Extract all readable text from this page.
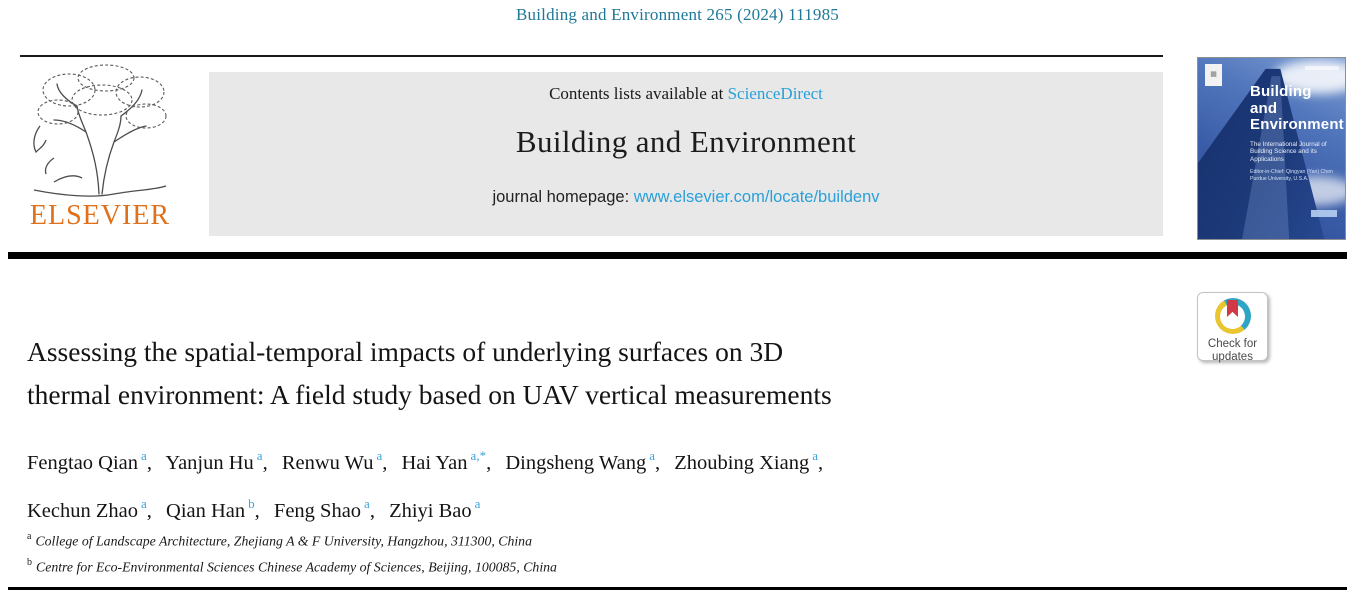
Building and Environment 265 (2024) 111985
ELSEVIER
Contents lists available at ScienceDirect
Building and Environment
journal homepage: www.elsevier.com/locate/buildenv
▦
Building and
Environment
The International Journal of
Building Science and its Applications
Editor-in-Chief: Qingyan (Yan) Chen
Purdue University, U.S.A.
Check for
updates
Assessing the spatial-temporal impacts of underlying surfaces on 3D
thermal environment: A field study based on UAV vertical measurements
Fengtao Qian $^a$, Yanjun Hu $^a$, Renwu Wu $^a$, Hai Yan $^{a,*}$, Dingsheng Wang $^a$, Zhoubing Xiang $^a$,
Kechun Zhao $^a$, Qian Han $^b$, Feng Shao $^a$, Zhiyi Bao $^a$
$^a$ College of Landscape Architecture, Zhejiang A & F University, Hangzhou, 311300, China
$^b$ Centre for Eco-Environmental Sciences Chinese Academy of Sciences, Beijing, 100085, China
